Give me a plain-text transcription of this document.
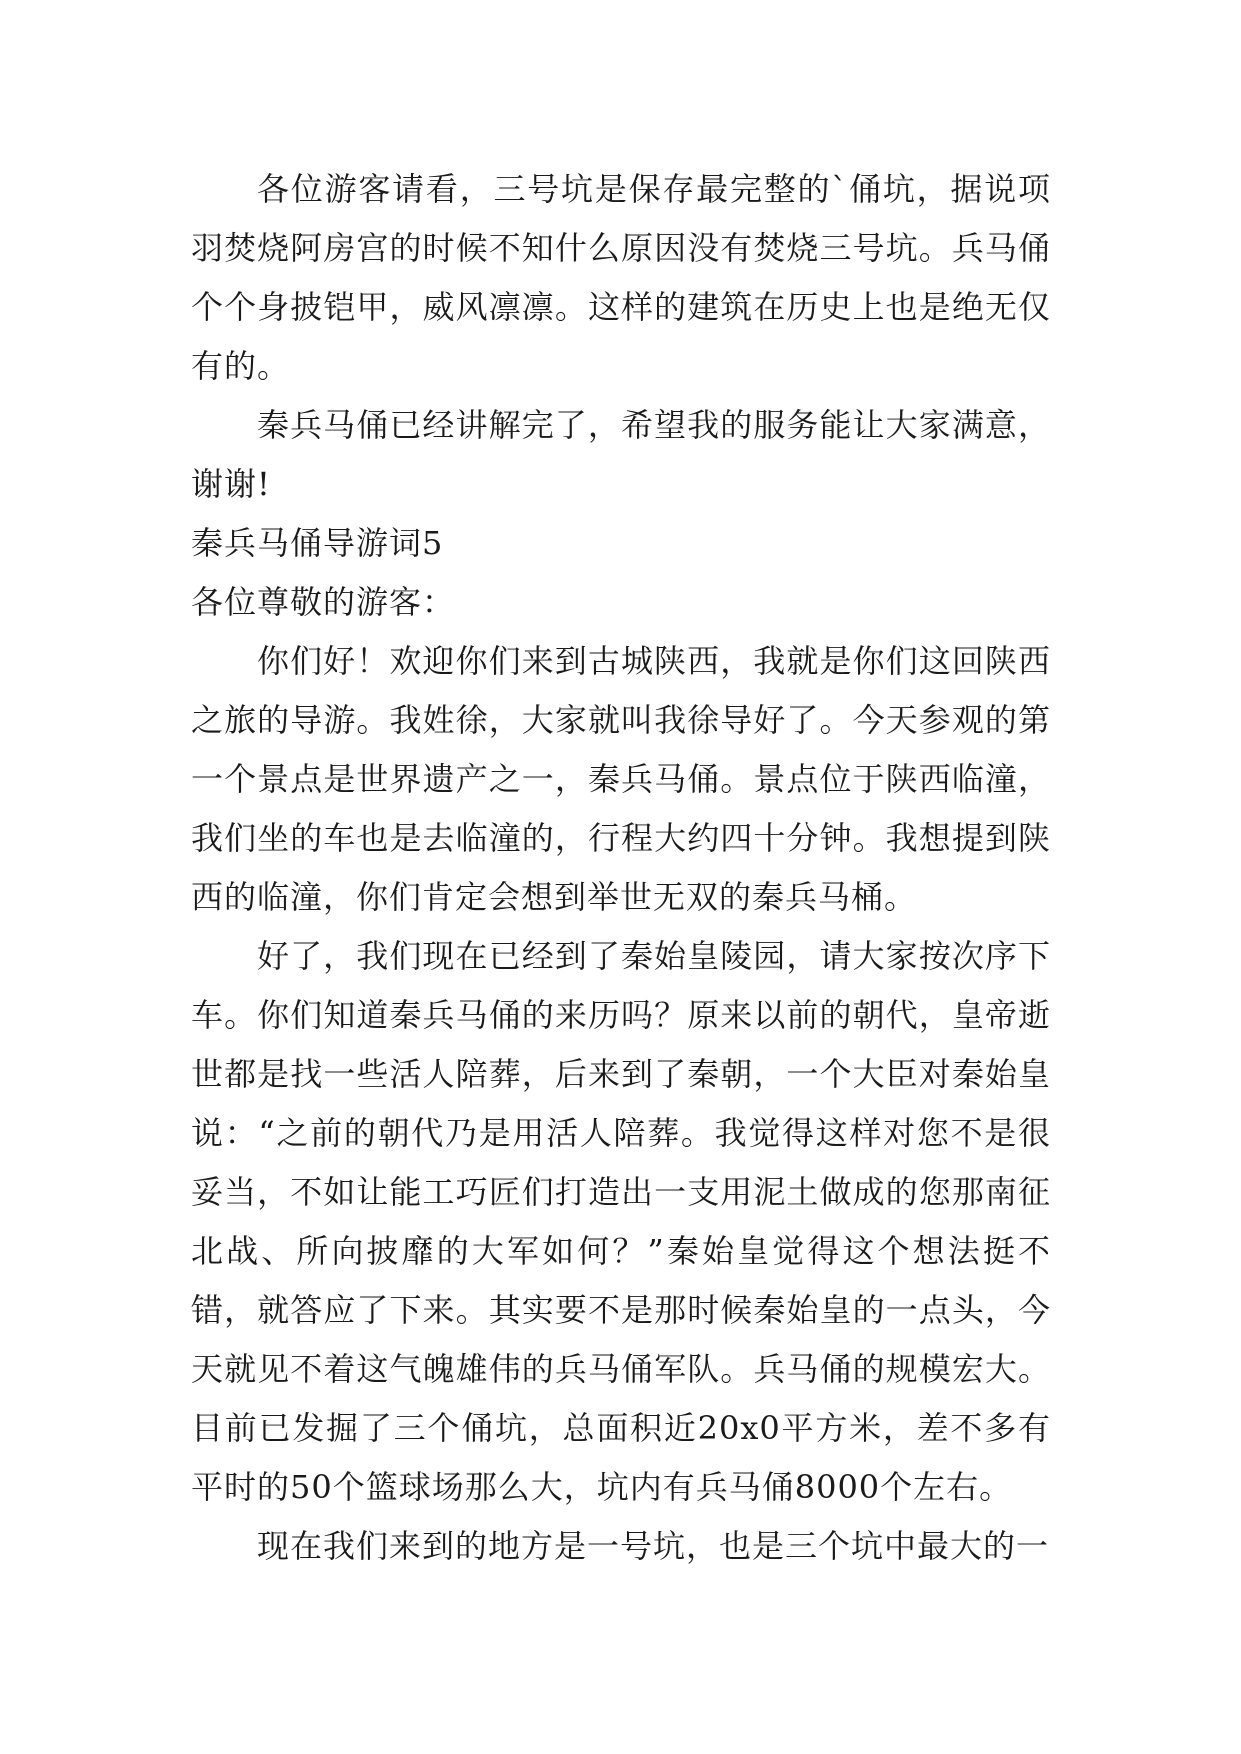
各位游客请看，三号坑是保存最完整的`俑坑，据说项羽焚烧阿房宫的时候不知什么原因没有焚烧三号坑。兵马俑个个身披铠甲，威风凛凛。这样的建筑在历史上也是绝无仅有的。

秦兵马俑已经讲解完了，希望我的服务能让大家满意，谢谢!

秦兵马俑导游词5

各位尊敬的游客：

你们好！欢迎你们来到古城陕西，我就是你们这回陕西之旅的导游。我姓徐，大家就叫我徐导好了。今天参观的第一个景点是世界遗产之一，秦兵马俑。景点位于陕西临潼，我们坐的车也是去临潼的，行程大约四十分钟。我想提到陕西的临潼，你们肯定会想到举世无双的秦兵马桶。

好了，我们现在已经到了秦始皇陵园，请大家按次序下车。你们知道秦兵马俑的来历吗？原来以前的朝代，皇帝逝世都是找一些活人陪葬，后来到了秦朝，一个大臣对秦始皇说：“之前的朝代乃是用活人陪葬。我觉得这样对您不是很妥当，不如让能工巧匠们打造出一支用泥土做成的您那南征北战、所向披靡的大军如何？”秦始皇觉得这个想法挺不错，就答应了下来。其实要不是那时候秦始皇的一点头，今天就见不着这气魄雄伟的兵马俑军队。兵马俑的规模宏大。目前已发掘了三个俑坑，总面积近20x0平方米，差不多有平时的50个篮球场那么大，坑内有兵马俑8000个左右。

现在我们来到的地方是一号坑，也是三个坑中最大的一
